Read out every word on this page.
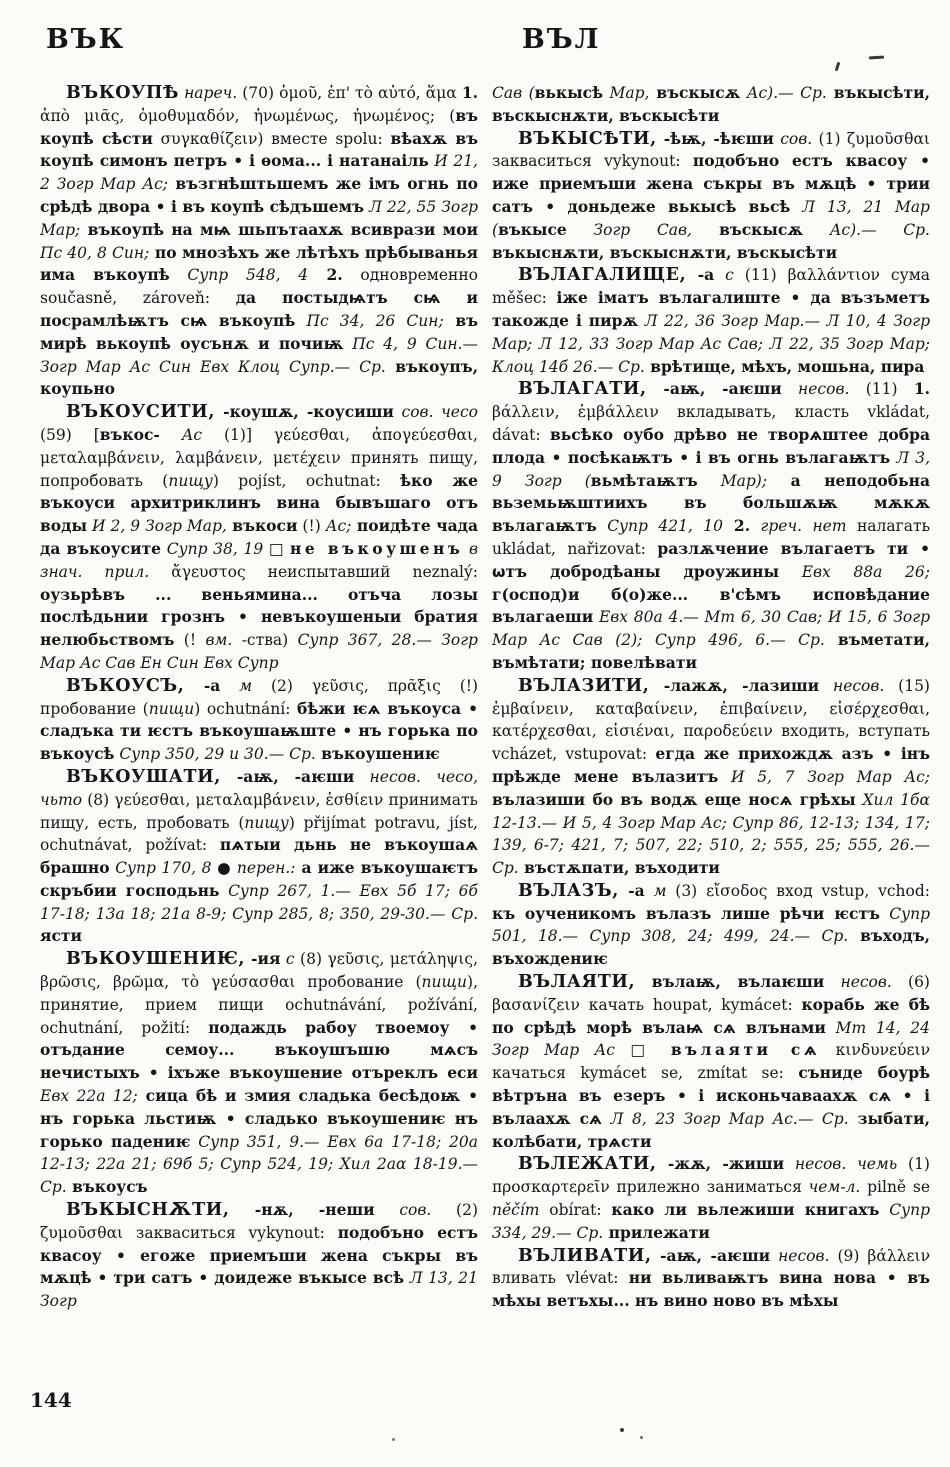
ВЪК

ВЪКОУПѢ нареч. (70) ὁμοῦ, ἐπ' τὸ αὐτό, ἅμα 1. ἀπὸ μιᾶς, ὁμοθυμαδόν, ἡνωμένως, ἡνωμένος; (въ коупѣ сѣсти συγκαθίζειν) вместе spolu: вѣахѫ въ коупѣ симонъ петръ • і ѳома... і натанаіль И 21, 2 Зогр Мар Ас; възгнѣштьшемъ же імъ огнь по срѣдѣ двора • і въ коупѣ сѣдъшемъ Л 22, 55 Зогр Мар; въкоупѣ на мѩ шьпътаахѫ всиврази мои Пс 40, 8 Син; по мнозѣхъ же лѣтѣхъ прѣбыванья има въкоупѣ Супр 548, 4 2. одновременно současně, zároveň: да постыдѩтъ сѩ и посрамлѣѭтъ сѩ въкоупѣ Пс 34, 26 Син; въ мирѣ вькоупѣ оусънѫ и почиѭ Пс 4, 9 Син.— Зогр Мар Ас Син Евх Клоц Супр.— Ср. въкоупъ, коупьно

ВЪКОУСИТИ, -коушѫ, -коусиши сов. чесо (59) [въкос- Ас (1)] γεύεσθαι, ἀπογεύεσθαι, μεταλαμβάνειν, λαμβάνειν, μετέχειν принять пищу, попробовать (пищу) pojíst, ochutnat: ѣко же въкоуси архитриклинъ вина бывъшаго отъ воды И 2, 9 Зогр Мар, въкоси (!) Ас; поидѣте чада да въкоусите Супр 38, 19 □ не въкоушенъ в знач. прил. ἄγευστος неиспытавший neznalý: оузьрѣвъ ... веньямина... отъча лозы послѣдьнии грознъ • невъкоушеныи братия нелюбьствомъ (! вм. -ства) Супр 367, 28.— Зогр Мар Ас Сав Ен Син Евх Супр

ВЪКОУСЪ, -а м (2) γεῦσις, πρᾶξις (!) пробование (пищи) ochutnání: бѣжи ѥѧ въкоуса • сладъка ти ѥстъ въкоушаѭште • нъ горька по въкоусѣ Супр 350, 29 и 30.— Ср. въкоушениѥ

ВЪКОУШАТИ, -аѭ, -аѥши несов. чесо, чьто (8) γεύεσθαι, μεταλαμβάνειν, ἐσθίειν принимать пищу, есть, пробовать (пищу) přijímat potravu, jíst, ochutnávat, požívat: пѧтыи дьнь не въкоушаѧ брашно Супр 170, 8 ● перен.: а иже въкоушаѥтъ скръбии господьнь Супр 267, 1.— Евх 5б 17; 6б 17-18; 13а 18; 21а 8-9; Супр 285, 8; 350, 29-30.— Ср. ясти

ВЪКОУШЕНИѤ, -ия с (8) γεῦσις, μετάληψις, βρῶσις, βρῶμα, τὸ γεύσασθαι пробование (пищи), принятие, прием пищи ochutnávání, požívání, ochutnání, požití: подаждь рабоу твоемоу • отъдание семоу... въкоушъшю мѧсъ нечистыхъ • іхъже въкоушение отъреклъ еси Евх 22а 12; сица бѣ и змия сладька бесѣдоѭ • нъ горька льстиѭ • сладько въкоушениѥ нъ горько падениѥ Супр 351, 9.— Евх 6а 17-18; 20а 12-13; 22а 21; 69б 5; Супр 524, 19; Хил 2аα 18-19.— Ср. въкоусъ

ВЪКЫСНѪТИ, -нѫ, -неши сов. (2) ζυμοῦσθαι закваситься vykynout: подобъно естъ квасоу • егоже приемъши жена съкры въ мѫцѣ • три сатъ • доидеже въкысе всѣ Л 13, 21 Зогр

ВЪЛ

Сав (вькысѣ Мар, въскысѫ Ас).— Ср. въкысѣти, въскыснѫти, въскысѣти

ВЪКЫСѢТИ, -ѣѭ, -ѣѥши сов. (1) ζυμοῦσθαι закваситься vykynout: подобъно естъ квасоу • иже приемъши жена съкры въ мѫцѣ • трии сатъ • доньдеже вькысѣ вьсѣ Л 13, 21 Мар (въкысе Зогр Сав, въскысѫ Ас).— Ср. въкыснѫти, въскыснѫти, въскысѣти

ВЪЛАГАЛИЩЕ, -а с (11) βαλλάντιον сума měšec: іже іматъ вълагалиште • да възъметъ такожде і пирѫ Л 22, 36 Зогр Мар.— Л 10, 4 Зогр Мар; Л 12, 33 Зогр Мар Ас Сав; Л 22, 35 Зогр Мар; Клоц 14б 26.— Ср. врѣтище, мѣхъ, мошьна, пира

ВЪЛАГАТИ, -аѭ, -аѥши несов. (11) 1. βάλλειν, ἐμβάλλειν вкладывать, класть vkládat, dávat: вьсѣко оубо дрѣво не творѧштее добра плода • посѣкаѭтъ • і въ огнь вълагаѭтъ Л 3, 9 Зогр (вьмѣтаѭтъ Мар); а неподобьна вьземьѭштиихъ въ большѫѭ мѫкѫ вълагаѭтъ Супр 421, 10 2. греч. нет налагать ukládat, nařizovat: разлѫчение вълагаетъ ти • ѡтъ добродѣаны дроужины Евх 88а 26; г(оспод)и б(о)же... в'сѣмъ исповѣдание вълагаеши Евх 80а 4.— Мт 6, 30 Сав; И 15, 6 Зогр Мар Ас Сав (2); Супр 496, 6.— Ср. въметати, въмѣтати; повелѣвати

ВЪЛАЗИТИ, -лажѫ, -лазиши несов. (15) ἐμβαίνειν, καταβαίνειν, ἐπιβαίνειν, εἰσέρχεσθαι, κατέρχεσθαι, εἰσιέναι, παροδεύειν входить, вступать vcházet, vstupovat: егда же прихождѫ азъ • інъ прѣжде мене вълазитъ И 5, 7 Зогр Мар Ас; вълазиши бо въ водѫ еще носѧ грѣхы Хил 1бα 12-13.— И 5, 4 Зогр Мар Ас; Супр 86, 12-13; 134, 17; 139, 6-7; 421, 7; 507, 22; 510, 2; 555, 25; 555, 26.— Ср. въстѫпати, въходити

ВЪЛАЗЪ, -а м (3) εἴσοδος вход vstup, vchod: къ оученикомъ вълазъ лише рѣчи ѥстъ Супр 501, 18.— Супр 308, 24; 499, 24.— Ср. въходъ, въхождениѥ

ВЪЛАЯТИ, вълаѭ, вълаѥши несов. (6) βασανίζειν качать houpat, kymácet: корабь же бѣ по срѣдѣ морѣ вълаѩ сѧ влънами Мт 14, 24 Зогр Мар Ас □ вълаяти сѧ κινδυνεύειν качаться kymácet se, zmítat se: съниде боурѣ вѣтръна въ езеръ • і исконьчаваахѫ сѧ • і вълаахѫ сѧ Л 8, 23 Зогр Мар Ас.— Ср. зыбати, колѣбати, трѧсти

ВЪЛЕЖАТИ, -жѫ, -жиши несов. чемь (1) προσκαρτερεῖν прилежно заниматься чем-л. pilně se něčím obírat: како ли вьлежиши книгахъ Супр 334, 29.— Ср. прилежати

ВЪЛИВАТИ, -аѭ, -аѥши несов. (9) βάλλειν вливать vlévat: ни вьливаѭтъ вина нова • въ мѣхы ветъхы... нъ вино ново въ мѣхы

144
